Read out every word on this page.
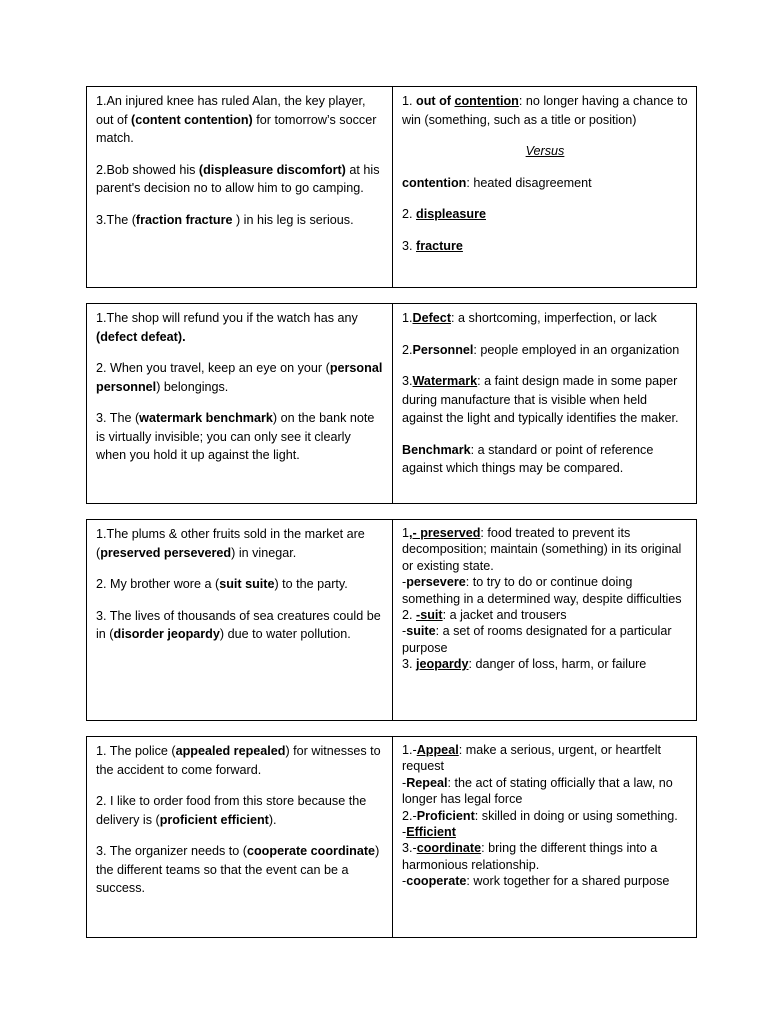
1.An injured knee has ruled Alan, the key player, out of (content contention) for tomorrow’s soccer match.

2.Bob showed his (displeasure discomfort) at his parent's decision no to allow him to go camping.

3.The (fraction fracture ) in his leg is serious.

1. out of contention: no longer having a chance to win (something, such as a title or position)

Versus

contention: heated disagreement

2. displeasure

3. fracture

1.The shop will refund you if the watch has any (defect defeat).

2. When you travel, keep an eye on your (personal personnel) belongings.

3. The (watermark benchmark) on the bank note is virtually invisible; you can only see it clearly when you hold it up against the light.

1.Defect: a shortcoming, imperfection, or lack

2.Personnel: people employed in an organization

3.Watermark: a faint design made in some paper during manufacture that is visible when held against the light and typically identifies the maker.

Benchmark: a standard or point of reference against which things may be compared.

1.The plums & other fruits sold in the market are (preserved persevered) in vinegar.

2. My brother wore a (suit suite) to the party.

3. The lives of thousands of sea creatures could be in (disorder jeopardy) due to water pollution.

1,- preserved: food treated to prevent its decomposition; maintain (something) in its original or existing state.

-persevere: to try to do or continue doing something in a determined way, despite difficulties

2. -suit: a jacket and trousers

-suite: a set of rooms designated for a particular purpose

3. jeopardy: danger of loss, harm, or failure

1. The police (appealed repealed) for witnesses to the accident to come forward.

2. I like to order food from this store because the delivery is (proficient efficient).

3. The organizer needs to (cooperate coordinate) the different teams so that the event can be a success.

1.-Appeal: make a serious, urgent, or heartfelt request

-Repeal: the act of stating officially that a law, no longer has legal force

2.-Proficient: skilled in doing or using something.

-Efficient

3.-coordinate: bring the different things into a harmonious relationship.

-cooperate: work together for a shared purpose
